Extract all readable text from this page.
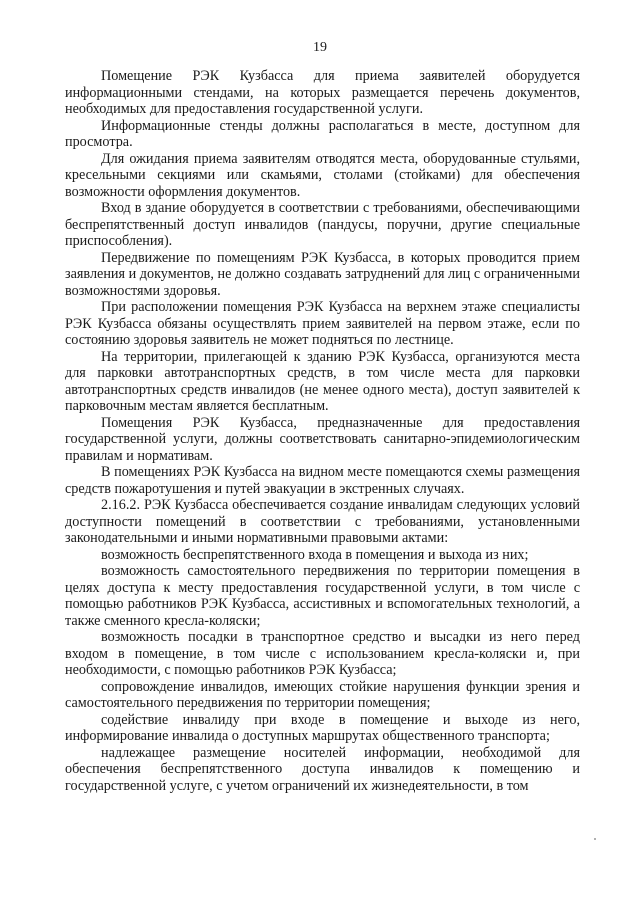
19

Помещение РЭК Кузбасса для приема заявителей оборудуется информационными стендами, на которых размещается перечень документов, необходимых для предоставления государственной услуги.

Информационные стенды должны располагаться в месте, доступном для просмотра.

Для ожидания приема заявителям отводятся места, оборудованные стульями, кресельными секциями или скамьями, столами (стойками) для обеспечения возможности оформления документов.

Вход в здание оборудуется в соответствии с требованиями, обеспечивающими беспрепятственный доступ инвалидов (пандусы, поручни, другие специальные приспособления).

Передвижение по помещениям РЭК Кузбасса, в которых проводится прием заявления и документов, не должно создавать затруднений для лиц с ограниченными возможностями здоровья.

При расположении помещения РЭК Кузбасса на верхнем этаже специалисты РЭК Кузбасса обязаны осуществлять прием заявителей на первом этаже, если по состоянию здоровья заявитель не может подняться по лестнице.

На территории, прилегающей к зданию РЭК Кузбасса, организуются места для парковки автотранспортных средств, в том числе места для парковки автотранспортных средств инвалидов (не менее одного места), доступ заявителей к парковочным местам является бесплатным.

Помещения РЭК Кузбасса, предназначенные для предоставления государственной услуги, должны соответствовать санитарно-эпидемиологическим правилам и нормативам.

В помещениях РЭК Кузбасса на видном месте помещаются схемы размещения средств пожаротушения и путей эвакуации в экстренных случаях.

2.16.2. РЭК Кузбасса обеспечивается создание инвалидам следующих условий доступности помещений в соответствии с требованиями, установленными законодательными и иными нормативными правовыми актами:

возможность беспрепятственного входа в помещения и выхода из них;

возможность самостоятельного передвижения по территории помещения в целях доступа к месту предоставления государственной услуги, в том числе с помощью работников РЭК Кузбасса, ассистивных и вспомогательных технологий, а также сменного кресла-коляски;

возможность посадки в транспортное средство и высадки из него перед входом в помещение, в том числе с использованием кресла-коляски и, при необходимости, с помощью работников РЭК Кузбасса;

сопровождение инвалидов, имеющих стойкие нарушения функции зрения и самостоятельного передвижения по территории помещения;

содействие инвалиду при входе в помещение и выходе из него, информирование инвалида о доступных маршрутах общественного транспорта;

надлежащее размещение носителей информации, необходимой для обеспечения беспрепятственного доступа инвалидов к помещению и государственной услуге, с учетом ограничений их жизнедеятельности, в том
